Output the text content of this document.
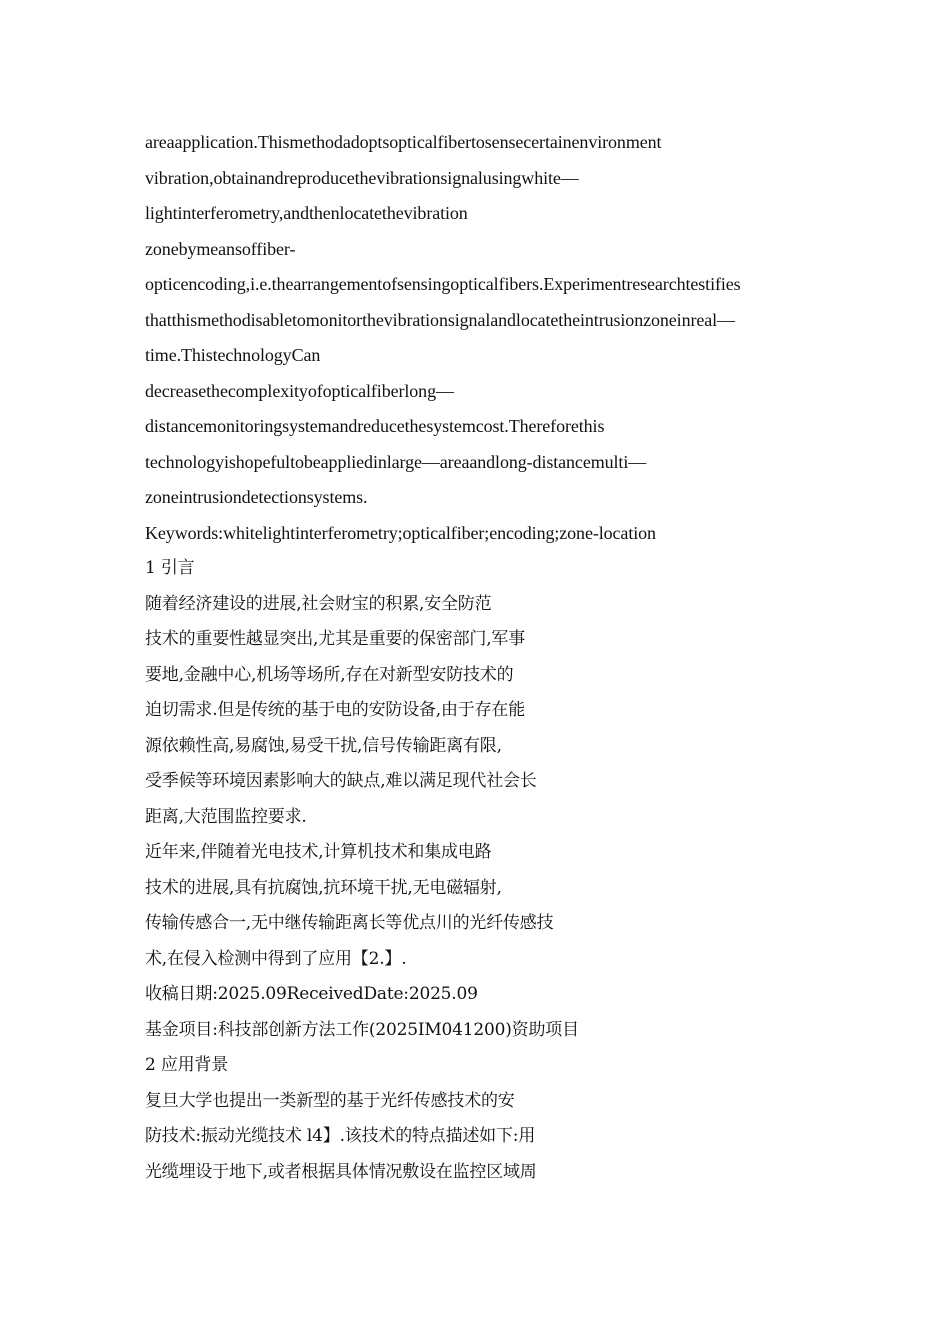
areaapplication.Thismethodadoptsopticalfibertosensecertainenvironment
vibration,obtainandreproducethevibrationsignalusingwhite—
lightinterferometry,andthenlocatethevibration
zonebymeansoffiber-
opticencoding,i.e.thearrangementofsensingopticalfibers.Experimentresearchtestifies
thatthismethodisabletomonitorthevibrationsignalandlocatetheintrusionzoneinreal—
time.ThistechnologyCan
decreasethecomplexityofopticalfiberlong—
distancemonitoringsystemandreducethesystemcost.Thereforethis
technologyishopefultobeappliedinlarge—areaandlong-distancemulti—
zoneintrusiondetectionsystems.
Keywords:whitelightinterferometry;opticalfiber;encoding;zone-location
1 引言
随着经济建设的进展,社会财宝的积累,安全防范
技术的重要性越显突出,尤其是重要的保密部门,军事
要地,金融中心,机场等场所,存在对新型安防技术的
迫切需求.但是传统的基于电的安防设备,由于存在能
源依赖性高,易腐蚀,易受干扰,信号传输距离有限,
受季候等环境因素影响大的缺点,难以满足现代社会长
距离,大范围监控要求.
近年来,伴随着光电技术,计算机技术和集成电路
技术的进展,具有抗腐蚀,抗环境干扰,无电磁辐射,
传输传感合一,无中继传输距离长等优点川的光纤传感技
术,在侵入检测中得到了应用【2.】.
收稿日期:2025.09ReceivedDate:2025.09
基金项目:科技部创新方法工作(2025IM041200)资助项目
2 应用背景
复旦大学也提出一类新型的基于光纤传感技术的安
防技术:振动光缆技术 l4】.该技术的特点描述如下:用
光缆埋设于地下,或者根据具体情况敷设在监控区域周
